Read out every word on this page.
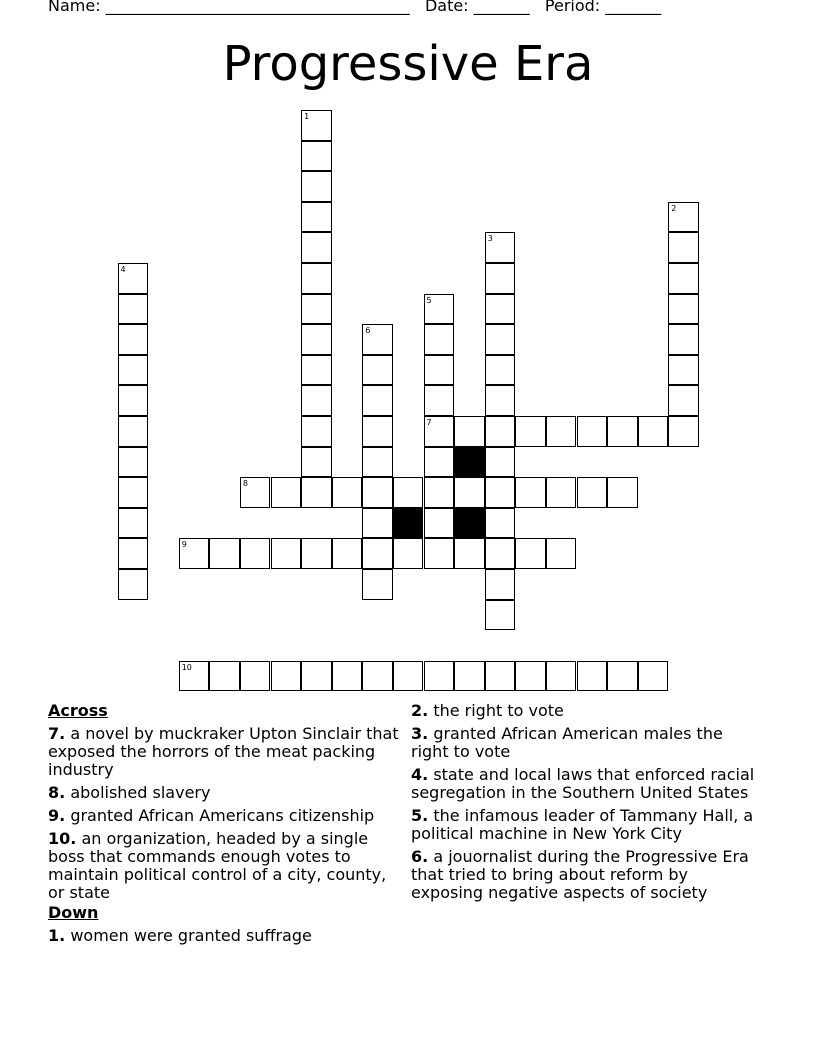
Name: ______________________________________   Date: _______   Period: _______
Progressive Era
1
2
3
4
5
7
6
8
9
10
Across
7. a novel by muckraker Upton Sinclair that exposed the horrors of the meat packing industry
8. abolished slavery
9. granted African Americans citizenship
10. an organization, headed by a single boss that commands enough votes to maintain political control of a city, county, or state
Down
1. women were granted suffrage
2. the right to vote
3. granted African American males the right to vote
4. state and local laws that enforced racial segregation in the Southern United States
5. the infamous leader of Tammany Hall, a political machine in New York City
6. a jouornalist during the Progressive Era that tried to bring about reform by exposing negative aspects of society
